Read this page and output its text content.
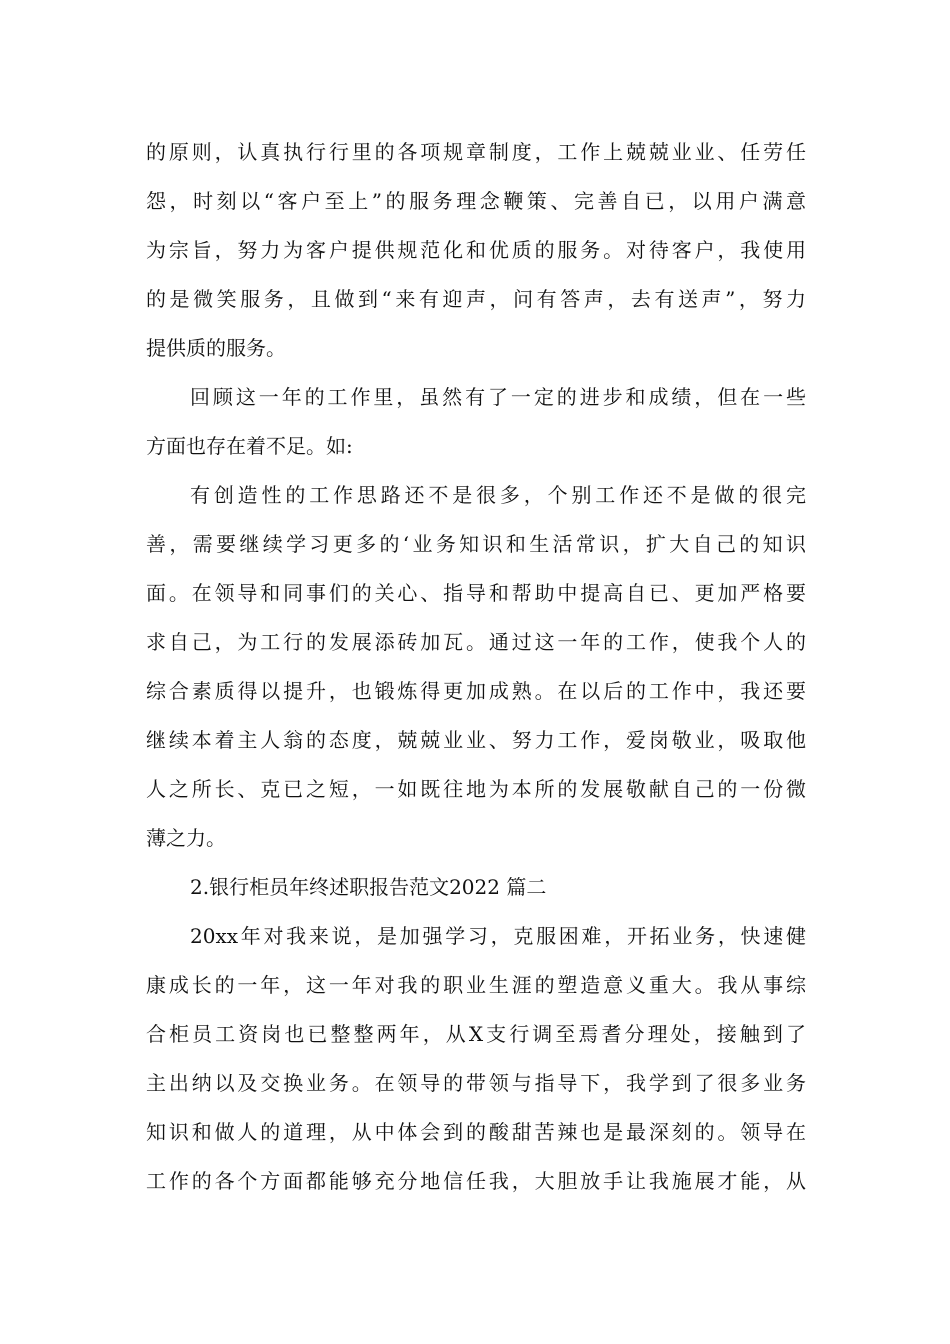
的原则，认真执行行里的各项规章制度，工作上兢兢业业、任劳任
怨，时刻以“客户至上”的服务理念鞭策、完善自已，以用户满意
为宗旨，努力为客户提供规范化和优质的服务。对待客户，我使用
的是微笑服务，且做到“来有迎声，问有答声，去有送声”，努力
提供质的服务。
回顾这一年的工作里，虽然有了一定的进步和成绩，但在一些
方面也存在着不足。如:
有创造性的工作思路还不是很多，个别工作还不是做的很完
善，需要继续学习更多的‘业务知识和生活常识，扩大自己的知识
面。在领导和同事们的关心、指导和帮助中提高自已、更加严格要
求自己，为工行的发展添砖加瓦。通过这一年的工作，使我个人的
综合素质得以提升，也锻炼得更加成熟。在以后的工作中，我还要
继续本着主人翁的态度，兢兢业业、努力工作，爱岗敬业，吸取他
人之所长、克已之短，一如既往地为本所的发展敬献自己的一份微
薄之力。
2.银行柜员年终述职报告范文2022 篇二
20xx年对我来说，是加强学习，克服困难，开拓业务，快速健
康成长的一年，这一年对我的职业生涯的塑造意义重大。我从事综
合柜员工资岗也已整整两年，从X支行调至焉耆分理处，接触到了
主出纳以及交换业务。在领导的带领与指导下，我学到了很多业务
知识和做人的道理，从中体会到的酸甜苦辣也是最深刻的。领导在
工作的各个方面都能够充分地信任我，大胆放手让我施展才能，从
